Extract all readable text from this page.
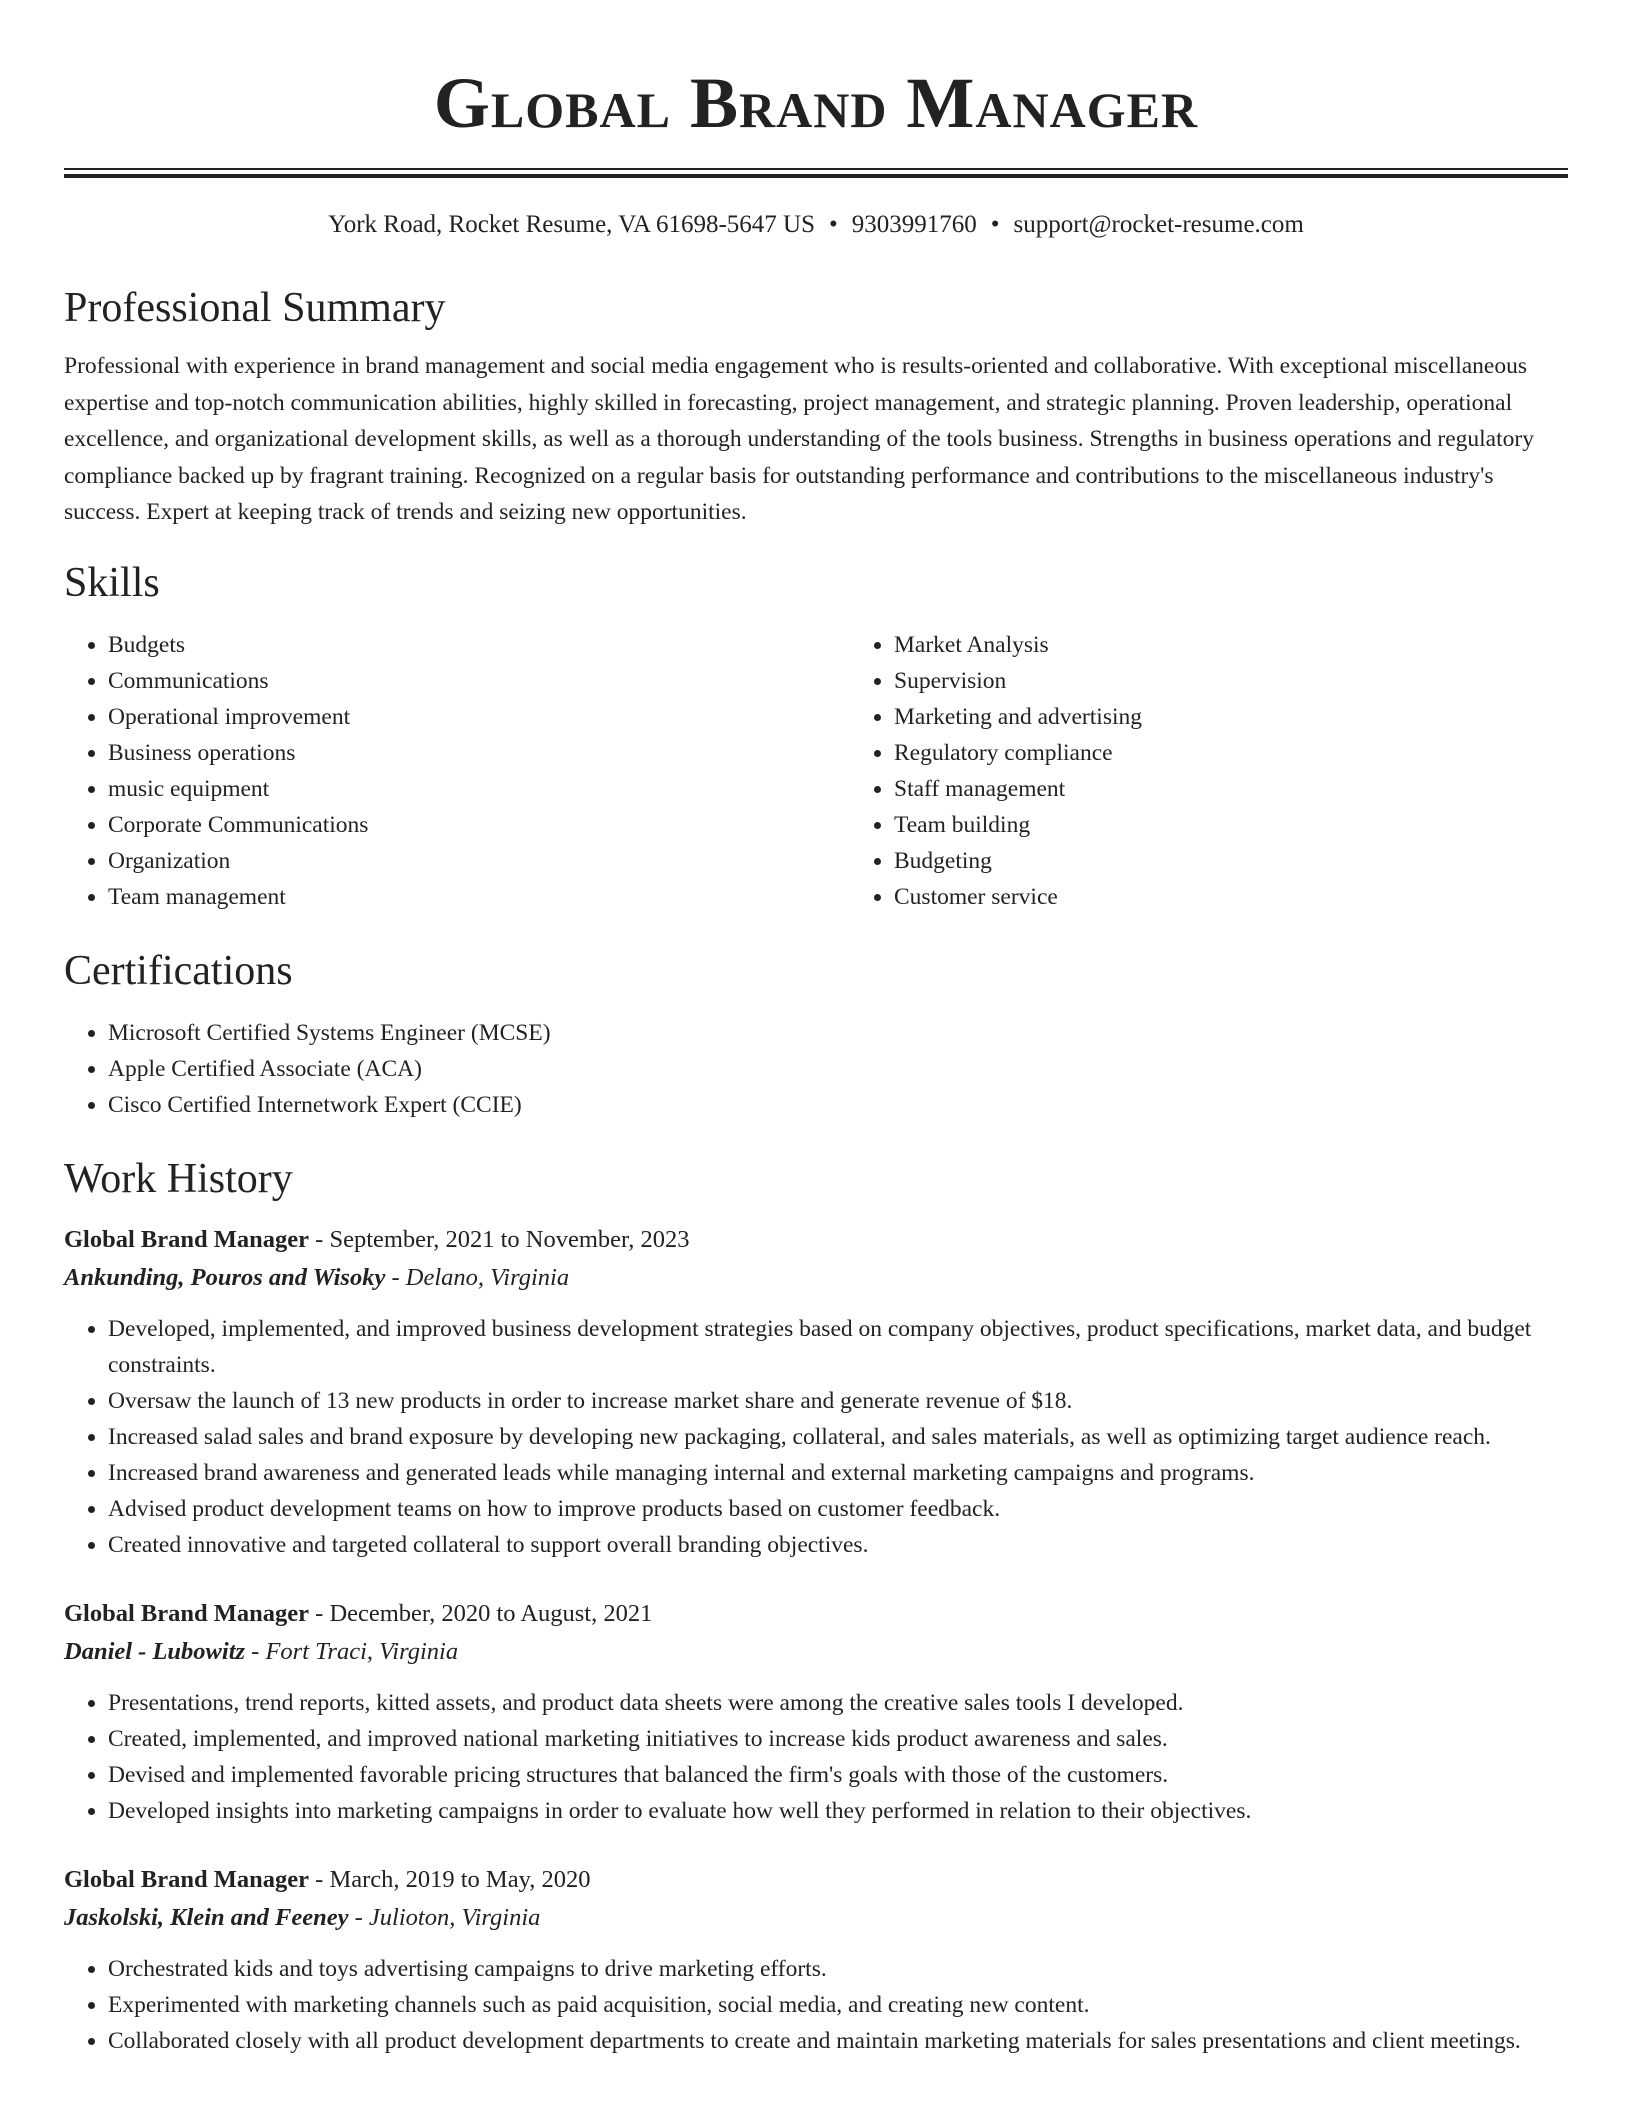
Global Brand Manager
York Road, Rocket Resume, VA 61698-5647 US • 9303991760 • support@rocket-resume.com
Professional Summary

Professional with experience in brand management and social media engagement who is results-oriented and collaborative. With exceptional miscellaneous expertise and top-notch communication abilities, highly skilled in forecasting, project management, and strategic planning. Proven leadership, operational excellence, and organizational development skills, as well as a thorough understanding of the tools business. Strengths in business operations and regulatory compliance backed up by fragrant training. Recognized on a regular basis for outstanding performance and contributions to the miscellaneous industry's success. Expert at keeping track of trends and seizing new opportunities.

Skills
• Budgets
• Communications
• Operational improvement
• Business operations
• music equipment
• Corporate Communications
• Organization
• Team management
• Market Analysis
• Supervision
• Marketing and advertising
• Regulatory compliance
• Staff management
• Team building
• Budgeting
• Customer service
Certifications
• Microsoft Certified Systems Engineer (MCSE)
• Apple Certified Associate (ACA)
• Cisco Certified Internetwork Expert (CCIE)
Work History
Global Brand Manager - September, 2021 to November, 2023
Ankunding, Pouros and Wisoky - Delano, Virginia
• Developed, implemented, and improved business development strategies based on company objectives, product specifications, market data, and budget constraints.
• Oversaw the launch of 13 new products in order to increase market share and generate revenue of $18.
• Increased salad sales and brand exposure by developing new packaging, collateral, and sales materials, as well as optimizing target audience reach.
• Increased brand awareness and generated leads while managing internal and external marketing campaigns and programs.
• Advised product development teams on how to improve products based on customer feedback.
• Created innovative and targeted collateral to support overall branding objectives.
Global Brand Manager - December, 2020 to August, 2021
Daniel - Lubowitz - Fort Traci, Virginia
• Presentations, trend reports, kitted assets, and product data sheets were among the creative sales tools I developed.
• Created, implemented, and improved national marketing initiatives to increase kids product awareness and sales.
• Devised and implemented favorable pricing structures that balanced the firm's goals with those of the customers.
• Developed insights into marketing campaigns in order to evaluate how well they performed in relation to their objectives.
Global Brand Manager - March, 2019 to May, 2020
Jaskolski, Klein and Feeney - Julioton, Virginia
• Orchestrated kids and toys advertising campaigns to drive marketing efforts.
• Experimented with marketing channels such as paid acquisition, social media, and creating new content.
• Collaborated closely with all product development departments to create and maintain marketing materials for sales presentations and client meetings.
